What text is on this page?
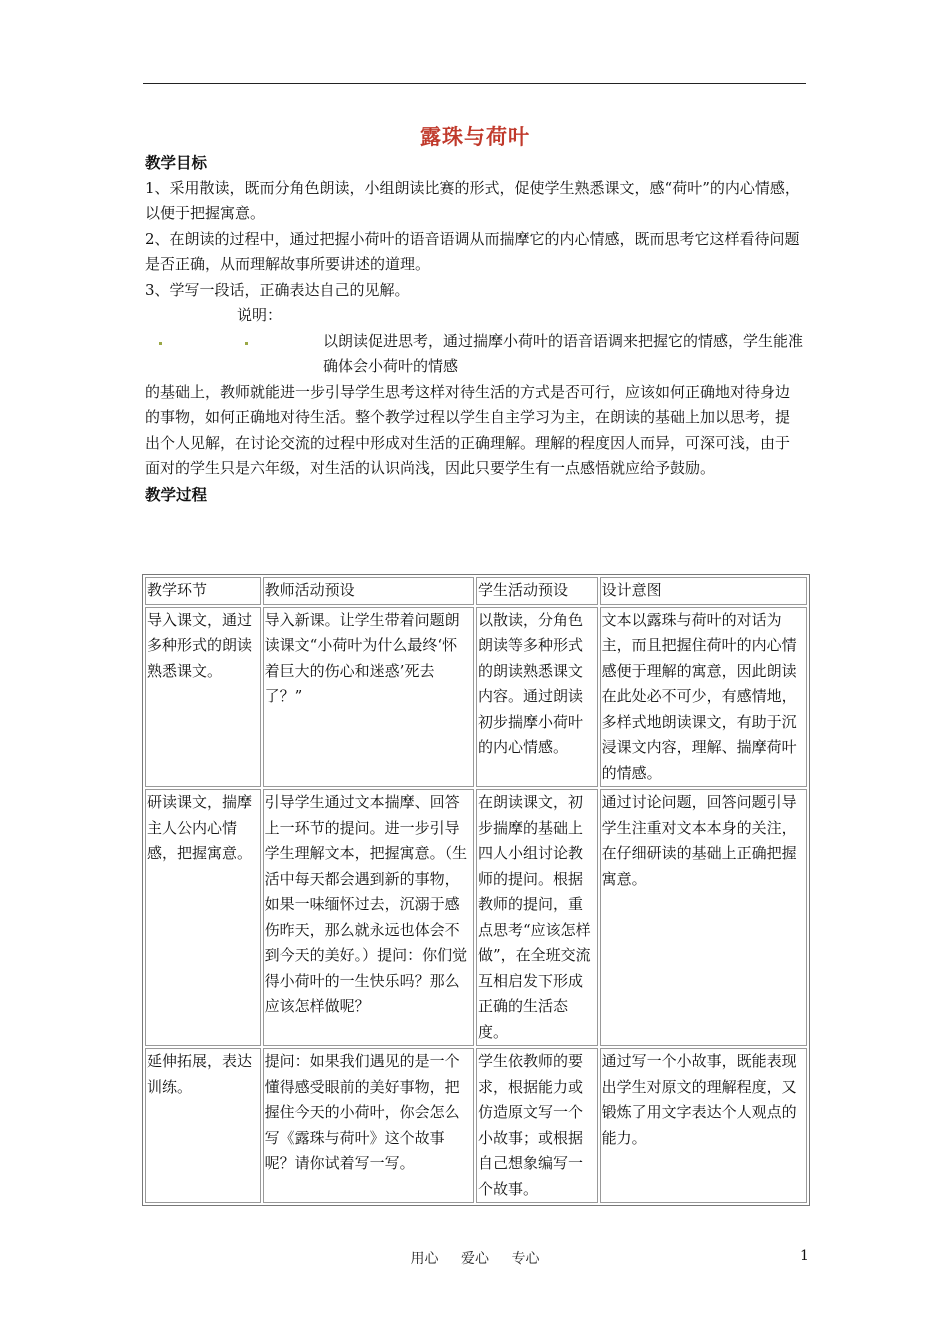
露珠与荷叶
教学目标

1、采用散读，既而分角色朗读，小组朗读比赛的形式，促使学生熟悉课文，感“荷叶”的内心情感，以便于把握寓意。

2、在朗读的过程中，通过把握小荷叶的语音语调从而揣摩它的内心情感，既而思考它这样看待问题是否正确，从而理解故事所要讲述的道理。

3、学写一段话，正确表达自己的见解。

说明：

以朗读促进思考，通过揣摩小荷叶的语音语调来把握它的情感，学生能准确体会小荷叶的情感

的基础上，教师就能进一步引导学生思考这样对待生活的方式是否可行，应该如何正确地对待身边

的事物，如何正确地对待生活。整个教学过程以学生自主学习为主，在朗读的基础上加以思考，提

出个人见解，在讨论交流的过程中形成对生活的正确理解。理解的程度因人而异，可深可浅，由于

面对的学生只是六年级，对生活的认识尚浅，因此只要学生有一点感悟就应给予鼓励。

教学过程
教学环节	教师活动预设	学生活动预设	设计意图
导入课文，通过多种形式的朗读熟悉课文。	导入新课。让学生带着问题朗读课文“小荷叶为什么最终‘怀着巨大的伤心和迷惑’死去了？”	以散读，分角色朗读等多种形式的朗读熟悉课文内容。通过朗读初步揣摩小荷叶的内心情感。	文本以露珠与荷叶的对话为主，而且把握住荷叶的内心情感便于理解的寓意，因此朗读在此处必不可少，有感情地，多样式地朗读课文，有助于沉浸课文内容，理解、揣摩荷叶的情感。
研读课文，揣摩主人公内心情感，把握寓意。	引导学生通过文本揣摩、回答上一环节的提问。进一步引导学生理解文本，把握寓意。（生活中每天都会遇到新的事物，如果一味缅怀过去，沉溺于感伤昨天，那么就永远也体会不到今天的美好。）提问：你们觉得小荷叶的一生快乐吗？那么应该怎样做呢？	在朗读课文，初步揣摩的基础上四人小组讨论教师的提问。根据教师的提问，重点思考“应该怎样做”，在全班交流互相启发下形成正确的生活态度。	通过讨论问题，回答问题引导学生注重对文本本身的关注，在仔细研读的基础上正确把握寓意。
延伸拓展，表达训练。	提问：如果我们遇见的是一个懂得感受眼前的美好事物，把握住今天的小荷叶，你会怎么写《露珠与荷叶》这个故事呢？请你试着写一写。	学生依教师的要求，根据能力或仿造原文写一个小故事；或根据自己想象编写一个故事。	通过写一个小故事，既能表现出学生对原文的理解程度，又锻炼了用文字表达个人观点的能力。
用心 爱心 专心	1
